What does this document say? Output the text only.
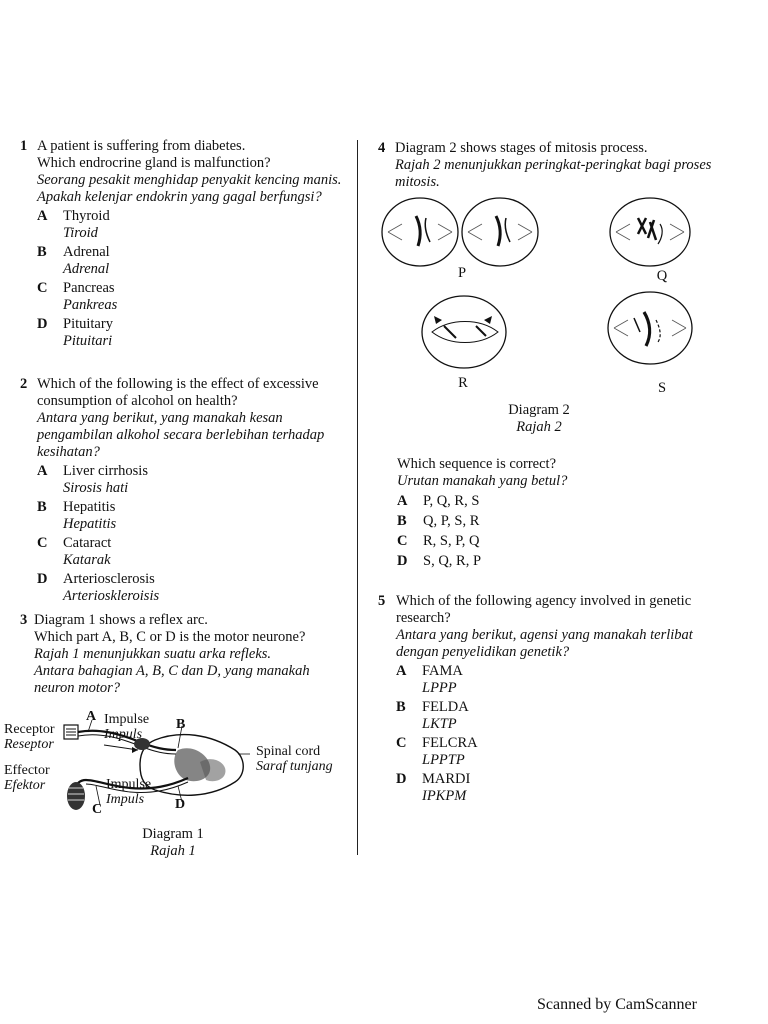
1 A patient is suffering from diabetes.

Which endrocrine gland is malfunction?

Seorang pesakit menghidap penyakit kencing manis.

Apakah kelenjar endokrin yang gagal berfungsi?

A	Thyroid

Tiroid

B	Adrenal

Adrenal

C	Pancreas

Pankreas

D	Pituitary

Pituitari

2 Which of the following is the effect of excessive consumption of alcohol on health?

Antara yang berikut, yang manakah kesan pengambilan alkohol secara berlebihan terhadap kesihatan?

A	Liver cirrhosis

Sirosis hati

B	Hepatitis

Hepatitis

C	Cataract

Katarak

D	Arteriosclerosis

Arterioskleroisis

3 Diagram 1 shows a reflex arc.

Which part A, B, C or D is the motor neurone?

Rajah 1 menunjukkan suatu arka refleks.

Antara bahagian A, B, C dan D, yang manakah neuron motor?

Receptor
Reseptor
Effector
Efektor
A Impulse
Impuls
B
Spinal cord
Saraf tunjang
Impulse
Impuls
C	D
Diagram 1
Rajah 1
4 Diagram 2 shows stages of mitosis process.

Rajah 2 menunjukkan peringkat-peringkat bagi proses mitosis.

P	Q
R	S
Diagram 2
Rajah 2

Which sequence is correct?

Urutan manakah yang betul?

A	P, Q, R, S

B	Q, P, S, R

C	R, S, P, Q

D	S, Q, R, P

5 Which of the following agency involved in genetic research?

Antara yang berikut, agensi yang manakah terlibat dengan penyelidikan genetik?

A	FAMA

LPPP

B	FELDA

LKTP

C	FELCRA

LPPTP

D	MARDI

IPKPM

Scanned by CamScanner
